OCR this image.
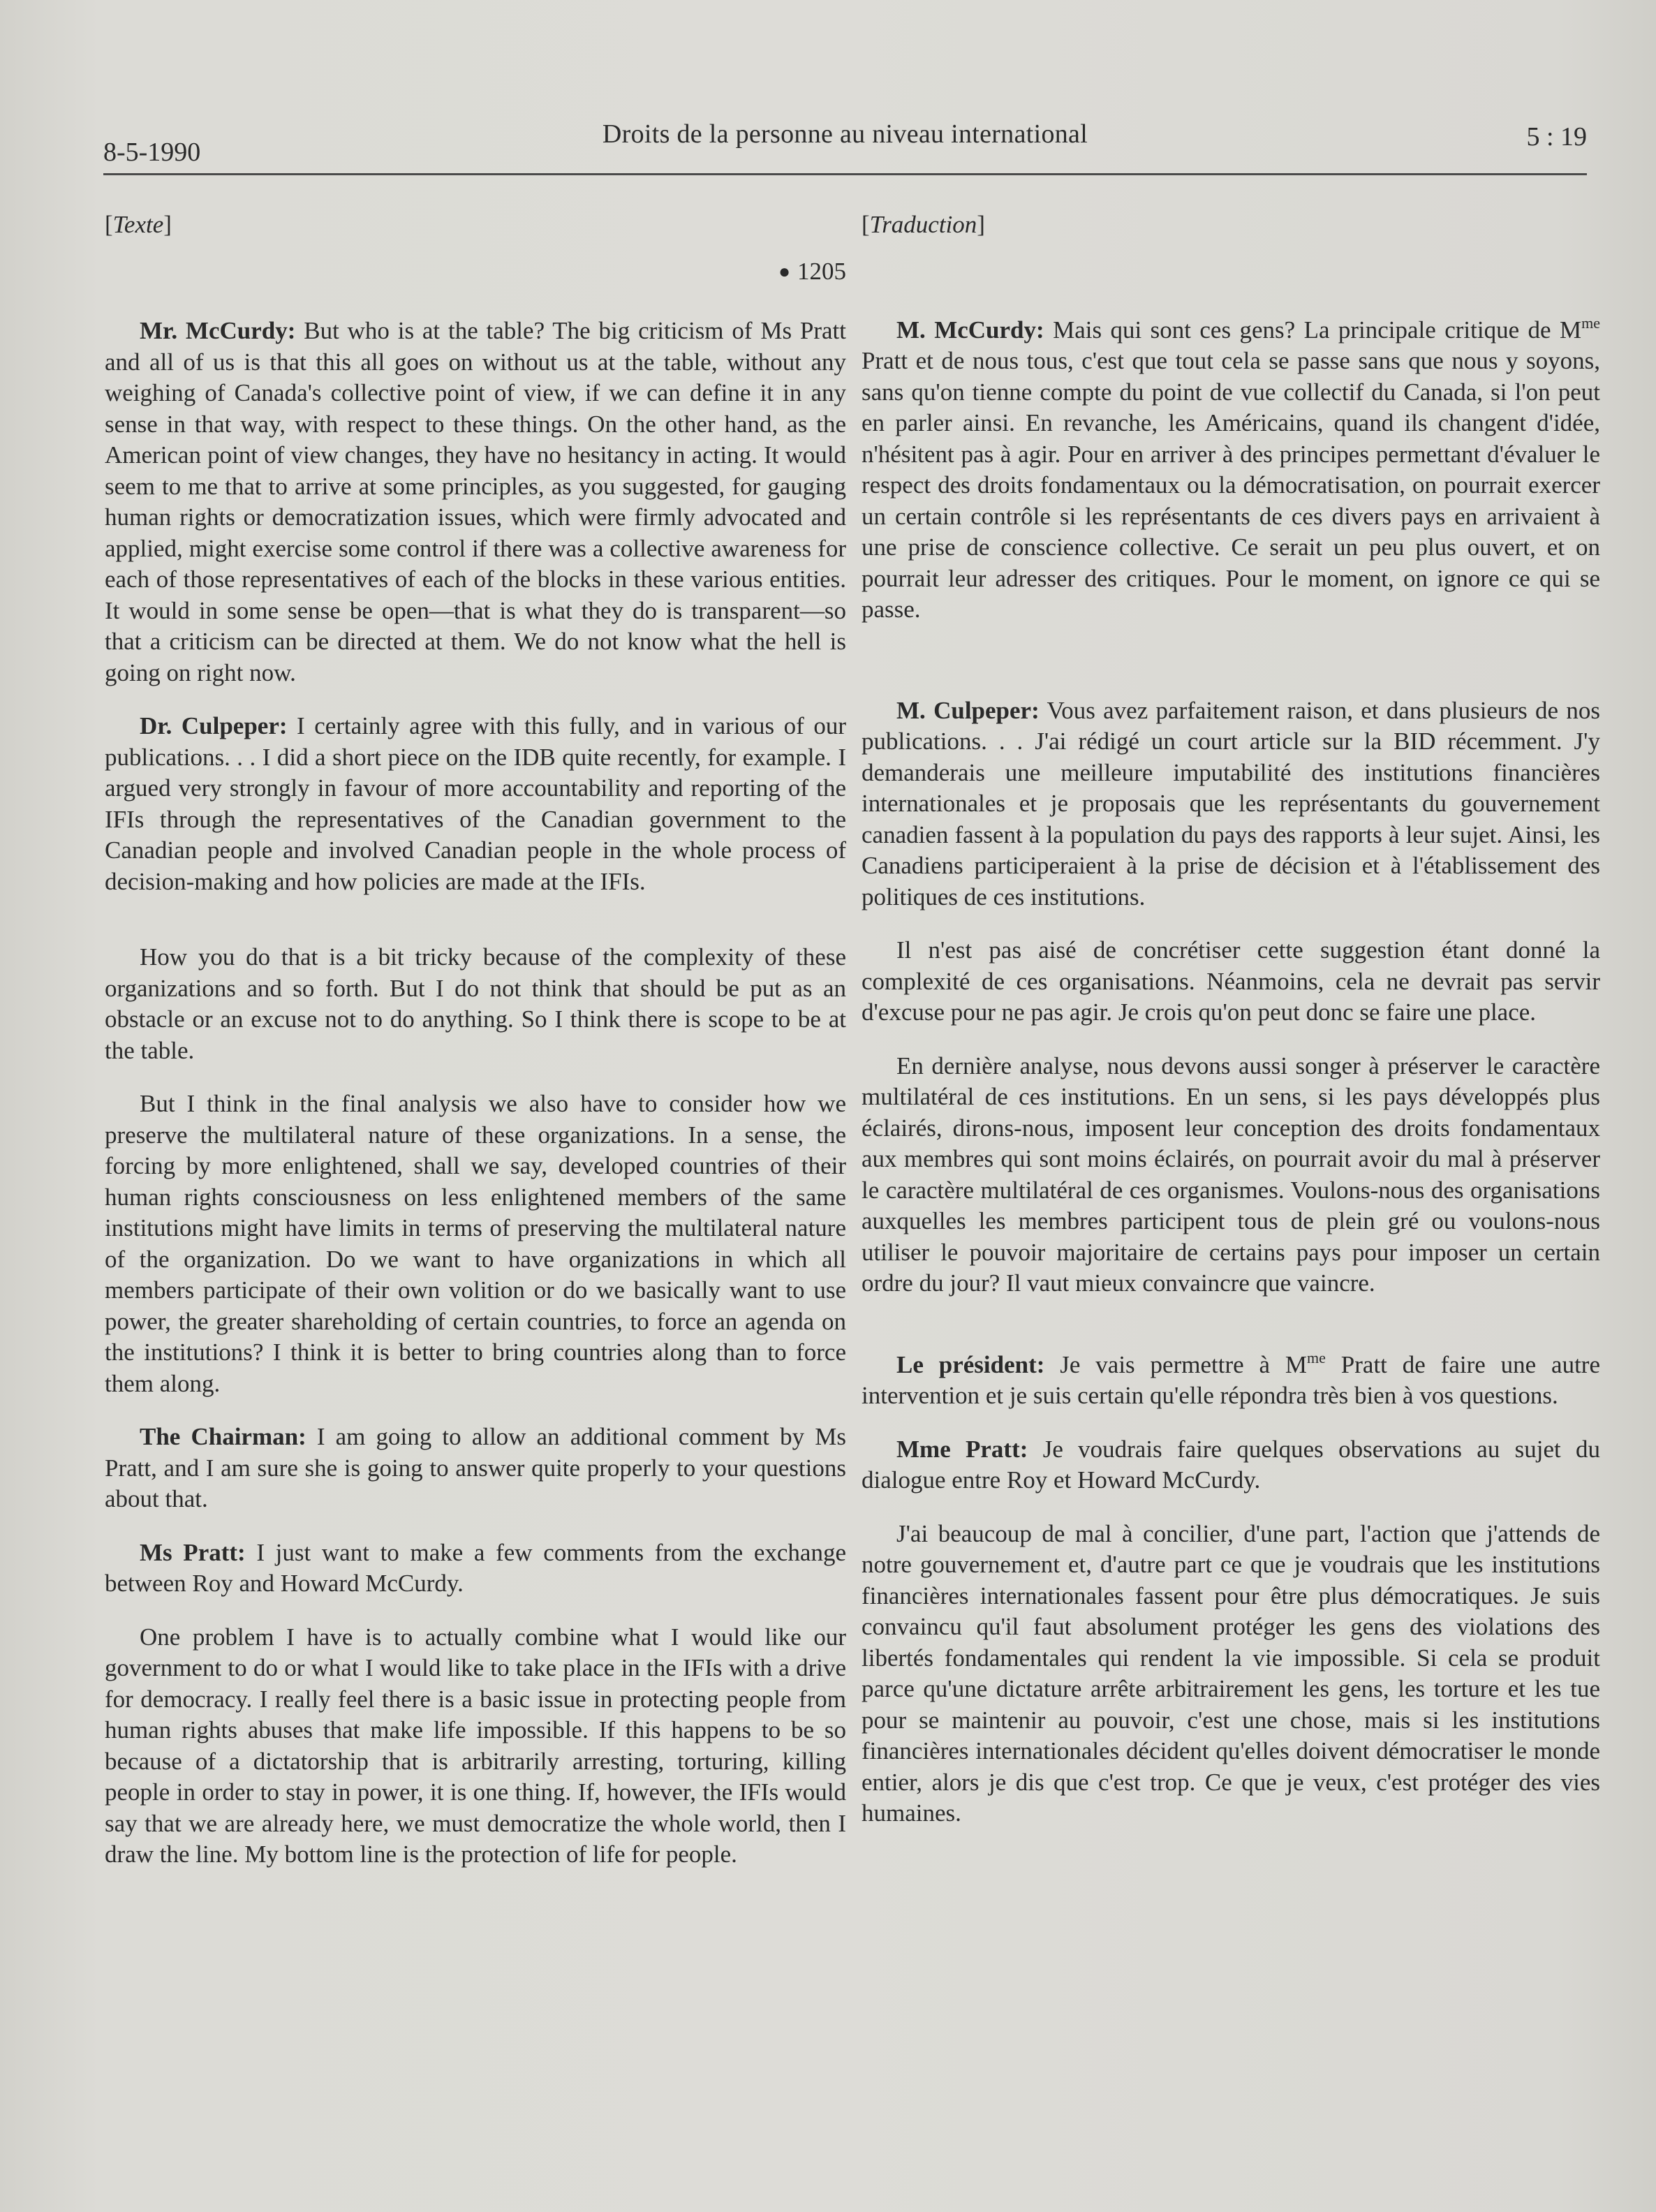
8-5-1990
Droits de la personne au niveau international	5 : 19
[Texte]
● 1205

Mr. McCurdy: But who is at the table? The big criticism of Ms Pratt and all of us is that this all goes on without us at the table, without any weighing of Canada's collective point of view, if we can define it in any sense in that way, with respect to these things. On the other hand, as the American point of view changes, they have no hesitancy in acting. It would seem to me that to arrive at some principles, as you suggested, for gauging human rights or democratization issues, which were firmly advocated and applied, might exercise some control if there was a collective awareness for each of those representatives of each of the blocks in these various entities. It would in some sense be open—that is what they do is transparent—so that a criticism can be directed at them. We do not know what the hell is going on right now.

Dr. Culpeper: I certainly agree with this fully, and in various of our publications. . . I did a short piece on the IDB quite recently, for example. I argued very strongly in favour of more accountability and reporting of the IFIs through the representatives of the Canadian government to the Canadian people and involved Canadian people in the whole process of decision-making and how policies are made at the IFIs.

How you do that is a bit tricky because of the complexity of these organizations and so forth. But I do not think that should be put as an obstacle or an excuse not to do anything. So I think there is scope to be at the table.

But I think in the final analysis we also have to consider how we preserve the multilateral nature of these organizations. In a sense, the forcing by more enlightened, shall we say, developed countries of their human rights consciousness on less enlightened members of the same institutions might have limits in terms of preserving the multilateral nature of the organization. Do we want to have organizations in which all members participate of their own volition or do we basically want to use power, the greater shareholding of certain countries, to force an agenda on the institutions? I think it is better to bring countries along than to force them along.

The Chairman: I am going to allow an additional comment by Ms Pratt, and I am sure she is going to answer quite properly to your questions about that.

Ms Pratt: I just want to make a few comments from the exchange between Roy and Howard McCurdy.

One problem I have is to actually combine what I would like our government to do or what I would like to take place in the IFIs with a drive for democracy. I really feel there is a basic issue in protecting people from human rights abuses that make life impossible. If this happens to be so because of a dictatorship that is arbitrarily arresting, torturing, killing people in order to stay in power, it is one thing. If, however, the IFIs would say that we are already here, we must democratize the whole world, then I draw the line. My bottom line is the protection of life for people.

[Traduction]

M. McCurdy: Mais qui sont ces gens? La principale critique de $M^{me}$ Pratt et de nous tous, c'est que tout cela se passe sans que nous y soyons, sans qu'on tienne compte du point de vue collectif du Canada, si l'on peut en parler ainsi. En revanche, les Américains, quand ils changent d'idée, n'hésitent pas à agir. Pour en arriver à des principes permettant d'évaluer le respect des droits fondamentaux ou la démocratisation, on pourrait exercer un certain contrôle si les représentants de ces divers pays en arrivaient à une prise de conscience collective. Ce serait un peu plus ouvert, et on pourrait leur adresser des critiques. Pour le moment, on ignore ce qui se passe.

M. Culpeper: Vous avez parfaitement raison, et dans plusieurs de nos publications. . . J'ai rédigé un court article sur la BID récemment. J'y demanderais une meilleure imputabilité des institutions financières internationales et je proposais que les représentants du gouvernement canadien fassent à la population du pays des rapports à leur sujet. Ainsi, les Canadiens participeraient à la prise de décision et à l'établissement des politiques de ces institutions.

Il n'est pas aisé de concrétiser cette suggestion étant donné la complexité de ces organisations. Néanmoins, cela ne devrait pas servir d'excuse pour ne pas agir. Je crois qu'on peut donc se faire une place.

En dernière analyse, nous devons aussi songer à préserver le caractère multilatéral de ces institutions. En un sens, si les pays développés plus éclairés, dirons-nous, imposent leur conception des droits fondamentaux aux membres qui sont moins éclairés, on pourrait avoir du mal à préserver le caractère multilatéral de ces organismes. Voulons-nous des organisations auxquelles les membres participent tous de plein gré ou voulons-nous utiliser le pouvoir majoritaire de certains pays pour imposer un certain ordre du jour? Il vaut mieux convaincre que vaincre.

Le président: Je vais permettre à $M^{me}$ Pratt de faire une autre intervention et je suis certain qu'elle répondra très bien à vos questions.

Mme Pratt: Je voudrais faire quelques observations au sujet du dialogue entre Roy et Howard McCurdy.

J'ai beaucoup de mal à concilier, d'une part, l'action que j'attends de notre gouvernement et, d'autre part ce que je voudrais que les institutions financières internationales fassent pour être plus démocratiques. Je suis convaincu qu'il faut absolument protéger les gens des violations des libertés fondamentales qui rendent la vie impossible. Si cela se produit parce qu'une dictature arrête arbitrairement les gens, les torture et les tue pour se maintenir au pouvoir, c'est une chose, mais si les institutions financières internationales décident qu'elles doivent démocratiser le monde entier, alors je dis que c'est trop. Ce que je veux, c'est protéger des vies humaines.
